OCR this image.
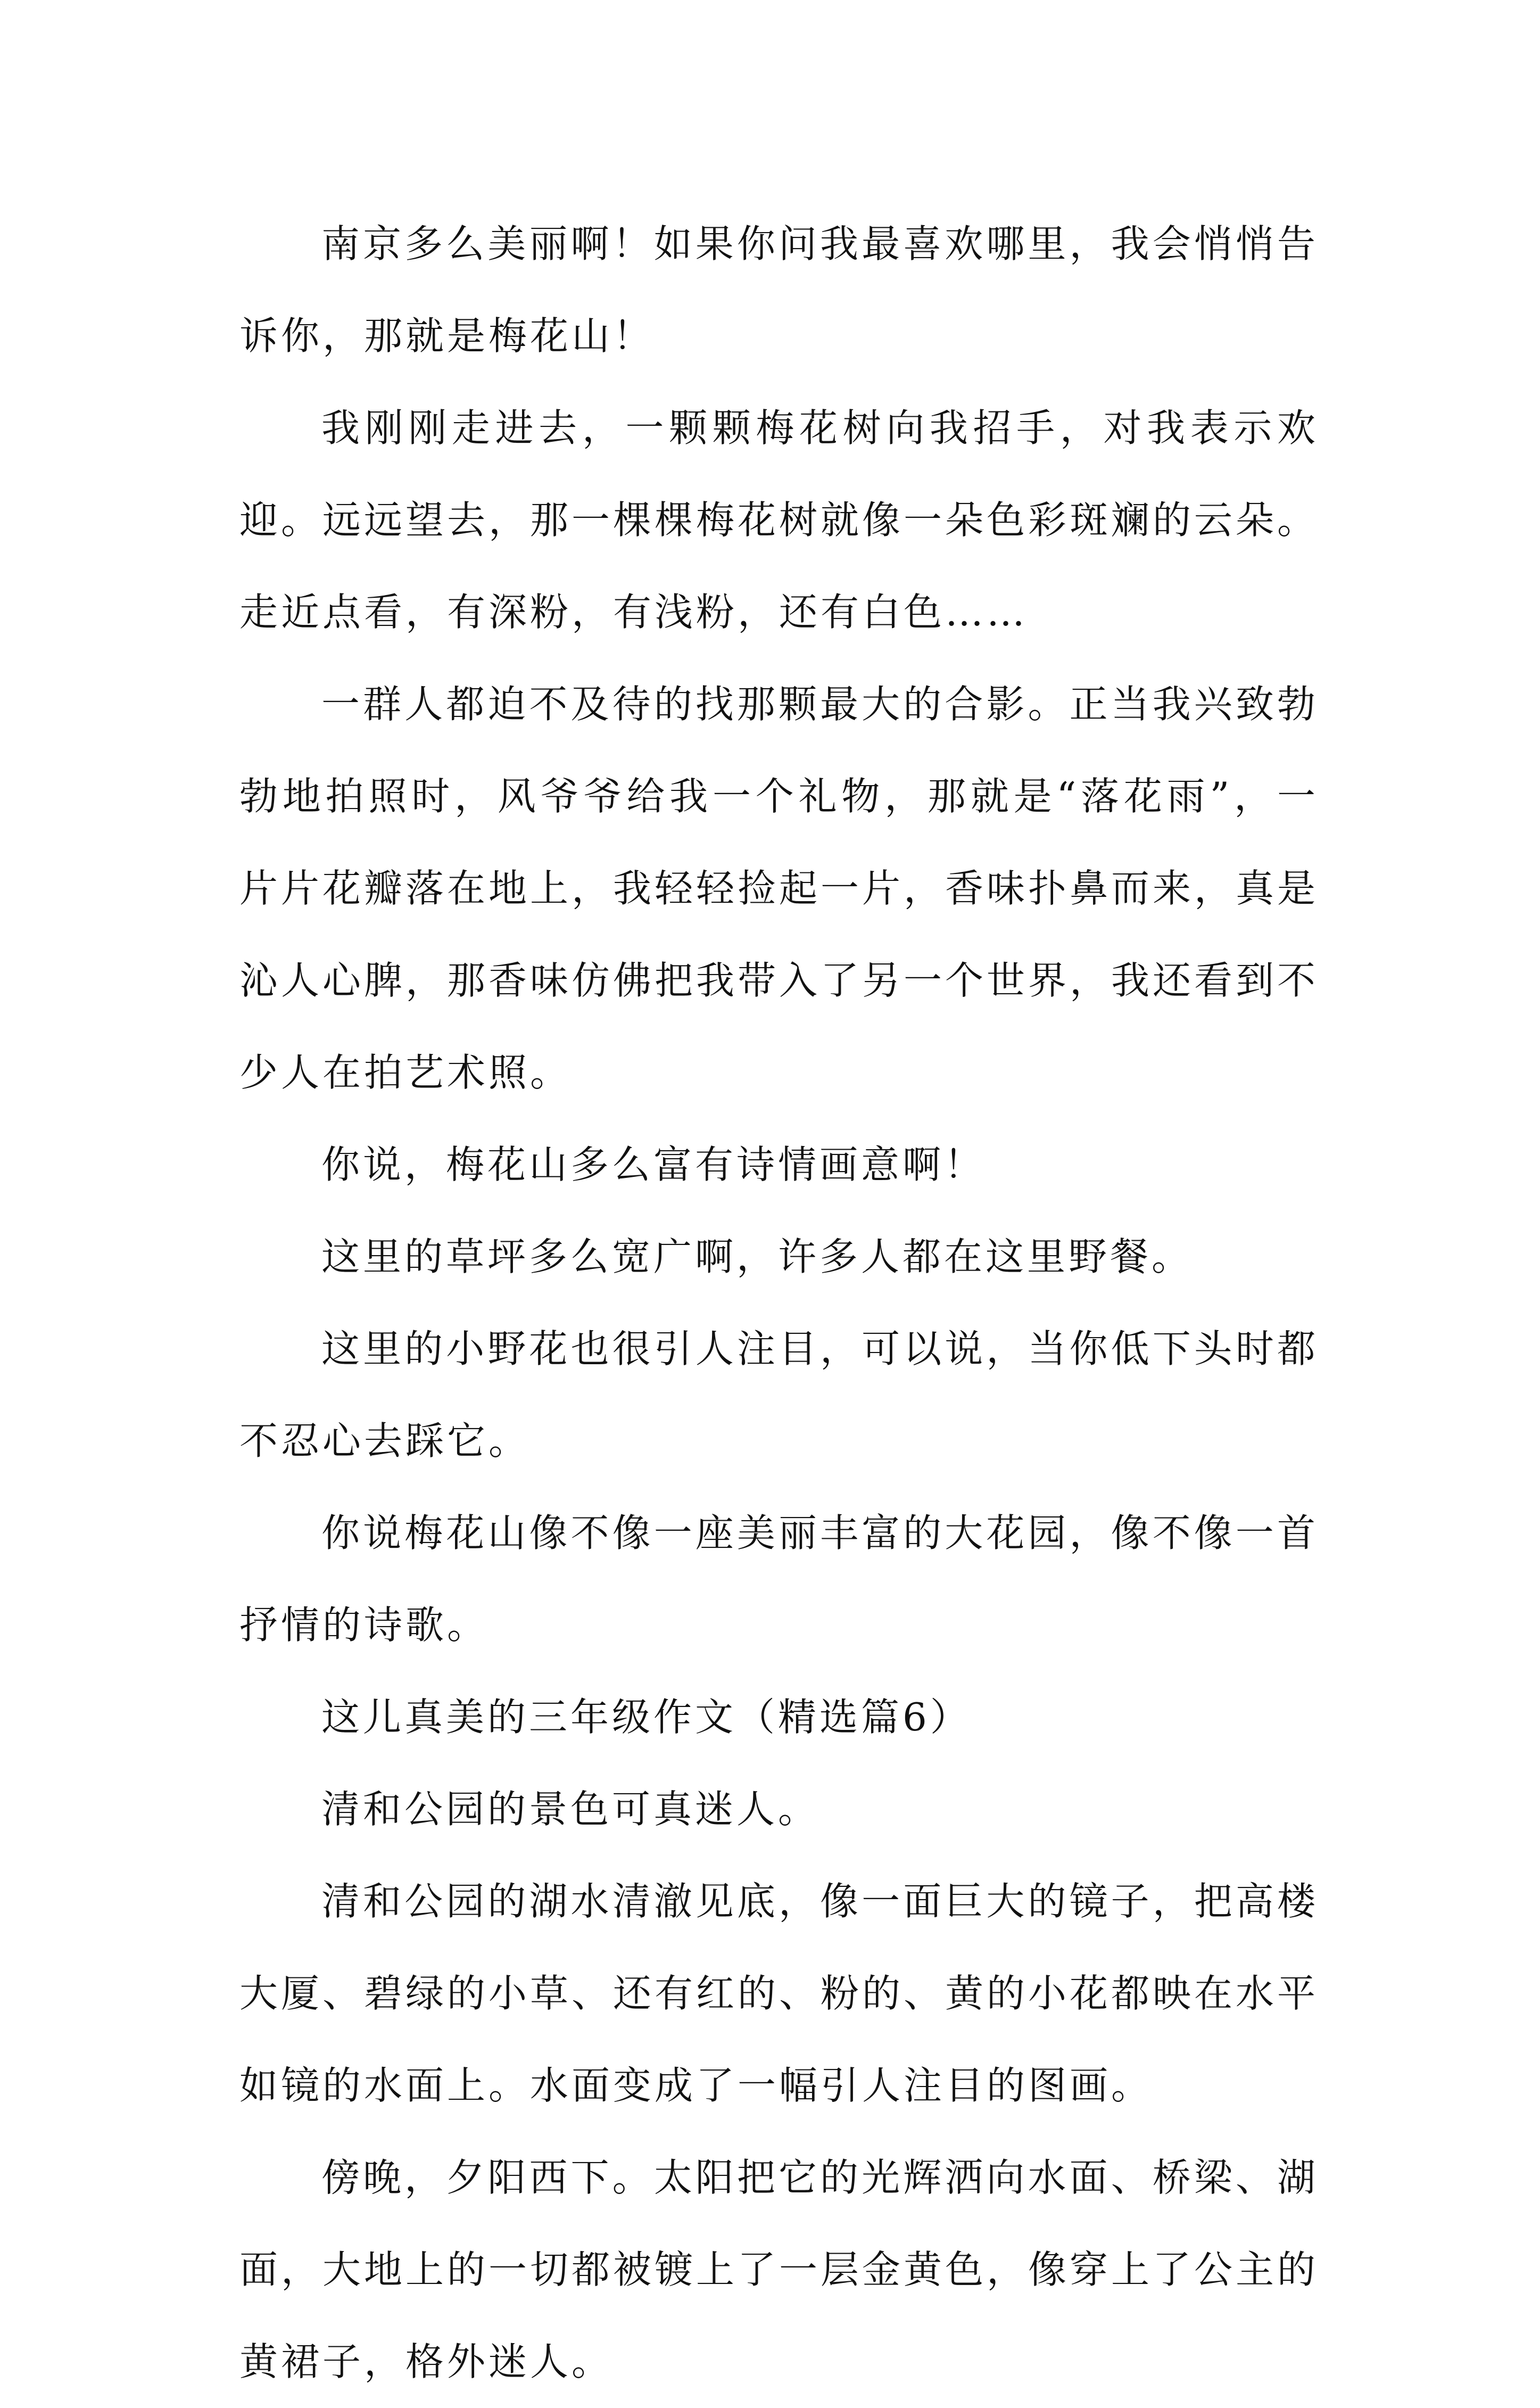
南京多么美丽啊！如果你问我最喜欢哪里，我会悄悄告诉你，那就是梅花山！

我刚刚走进去，一颗颗梅花树向我招手，对我表示欢迎。远远望去，那一棵棵梅花树就像一朵色彩斑斓的云朵。走近点看，有深粉，有浅粉，还有白色……

一群人都迫不及待的找那颗最大的合影。正当我兴致勃勃地拍照时，风爷爷给我一个礼物，那就是“落花雨”，一片片花瓣落在地上，我轻轻捡起一片，香味扑鼻而来，真是沁人心脾，那香味仿佛把我带入了另一个世界，我还看到不少人在拍艺术照。

你说，梅花山多么富有诗情画意啊！

这里的草坪多么宽广啊，许多人都在这里野餐。

这里的小野花也很引人注目，可以说，当你低下头时都不忍心去踩它。

你说梅花山像不像一座美丽丰富的大花园，像不像一首抒情的诗歌。

这儿真美的三年级作文（精选篇6）

清和公园的景色可真迷人。

清和公园的湖水清澈见底，像一面巨大的镜子，把高楼大厦、碧绿的小草、还有红的、粉的、黄的小花都映在水平如镜的水面上。水面变成了一幅引人注目的图画。

傍晚，夕阳西下。太阳把它的光辉洒向水面、桥梁、湖面，大地上的一切都被镀上了一层金黄色，像穿上了公主的黄裙子，格外迷人。
